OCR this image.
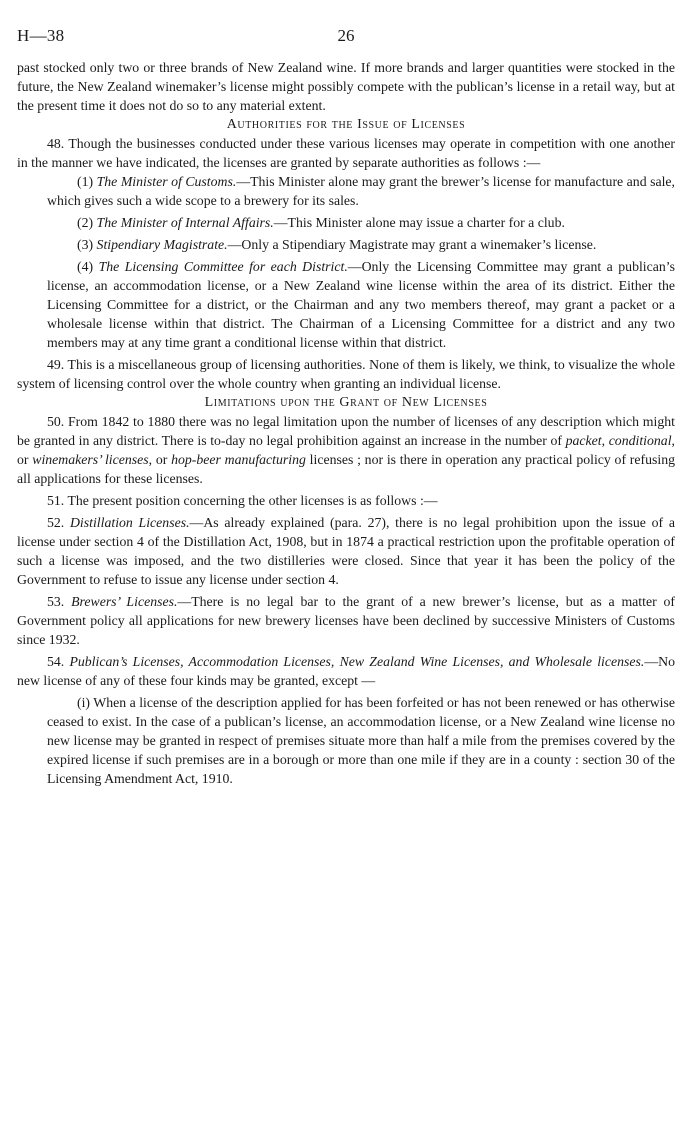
H—38	26

past stocked only two or three brands of New Zealand wine. If more brands and larger quantities were stocked in the future, the New Zealand winemaker’s license might possibly compete with the publican’s license in a retail way, but at the present time it does not do so to any material extent.

Authorities for the Issue of Licenses

48. Though the businesses conducted under these various licenses may operate in competition with one another in the manner we have indicated, the licenses are granted by separate authorities as follows :—

(1) The Minister of Customs.—This Minister alone may grant the brewer’s license for manufacture and sale, which gives such a wide scope to a brewery for its sales.

(2) The Minister of Internal Affairs.—This Minister alone may issue a charter for a club.

(3) Stipendiary Magistrate.—Only a Stipendiary Magistrate may grant a winemaker’s license.

(4) The Licensing Committee for each District.—Only the Licensing Committee may grant a publican’s license, an accommodation license, or a New Zealand wine license within the area of its district. Either the Licensing Committee for a district, or the Chairman and any two members thereof, may grant a packet or a wholesale license within that district. The Chairman of a Licensing Committee for a district and any two members may at any time grant a conditional license within that district.

49. This is a miscellaneous group of licensing authorities. None of them is likely, we think, to visualize the whole system of licensing control over the whole country when granting an individual license.

Limitations upon the Grant of New Licenses

50. From 1842 to 1880 there was no legal limitation upon the number of licenses of any description which might be granted in any district. There is to-day no legal prohibition against an increase in the number of packet, conditional, or winemakers’ licenses, or hop-beer manufacturing licenses ; nor is there in operation any practical policy of refusing all applications for these licenses.

51. The present position concerning the other licenses is as follows :—

52. Distillation Licenses.—As already explained (para. 27), there is no legal prohibition upon the issue of a license under section 4 of the Distillation Act, 1908, but in 1874 a practical restriction upon the profitable operation of such a license was imposed, and the two distilleries were closed. Since that year it has been the policy of the Government to refuse to issue any license under section 4.

53. Brewers’ Licenses.—There is no legal bar to the grant of a new brewer’s license, but as a matter of Government policy all applications for new brewery licenses have been declined by successive Ministers of Customs since 1932.

54. Publican’s Licenses, Accommodation Licenses, New Zealand Wine Licenses, and Wholesale licenses.—No new license of any of these four kinds may be granted, except —

(i) When a license of the description applied for has been forfeited or has not been renewed or has otherwise ceased to exist. In the case of a publican’s license, an accommodation license, or a New Zealand wine license no new license may be granted in respect of premises situate more than half a mile from the premises covered by the expired license if such premises are in a borough or more than one mile if they are in a county : section 30 of the Licensing Amendment Act, 1910.
